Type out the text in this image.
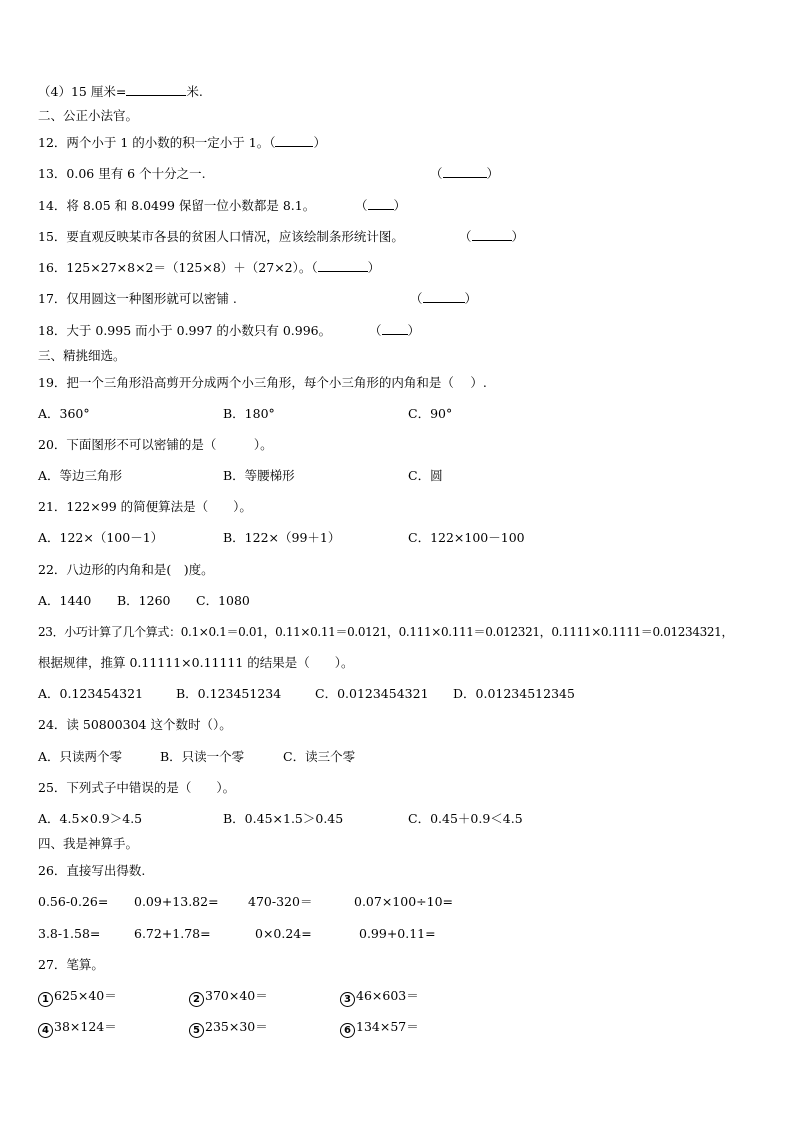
（4）15 厘米=	米.
二、公正小法官。
12．两个小于 1 的小数的积一定小于 1。（	）
13．0.06 里有 6 个十分之一.	（	）
14．将 8.05 和 8.0499 保留一位小数都是 8.1。	（ ）
15．要直观反映某市各县的贫困人口情况，应该绘制条形统计图。	（	）
16．125×27×8×2＝（125×8）＋（27×2）。（	）
17．仅用圆这一种图形就可以密铺 .	（	）
18．大于 0.995 而小于 0.997 的小数只有 0.996。	（ ）
三、精挑细选。
19．把一个三角形沿高剪开分成两个小三角形，每个小三角形的内角和是（　 ）.
A．360°	B．180°	C．90°
20．下面图形不可以密铺的是（　　　）。
A．等边三角形	B．等腰梯形	C．圆
21．122×99 的简便算法是（　　）。
A．122×（100－1）	B．122×（99＋1）	C．122×100－100
22．八边形的内角和是(　)度。
A．1440 B．1260 C．1080
23．小巧计算了几个算式：0.1×0.1＝0.01，0.11×0.11＝0.0121，0.111×0.111＝0.012321，0.1111×0.1111＝0.01234321，
根据规律，推算 0.11111×0.11111 的结果是（　　）。
A．0.123454321	B．0.123451234	C．0.0123454321 D．0.01234512345
24．读 50800304 这个数时（）。
A．只读两个零	B．只读一个零	C．读三个零
25．下列式子中错误的是（　　）。
A．4.5×0.9＞4.5	B．0.45×1.5＞0.45	C．0.45＋0.9＜4.5
四、我是神算手。
26．直接写出得数.
0.56-0.26= 0.09+13.82= 470-320＝	0.07×100÷10=
3.8-1.58=	6.72+1.78=	0×0.24=	0.99+0.11=
27．笔算。
1 625×40＝	2 370×40＝	3 46×603＝
4 38×124＝	5 235×30＝	6 134×57＝
